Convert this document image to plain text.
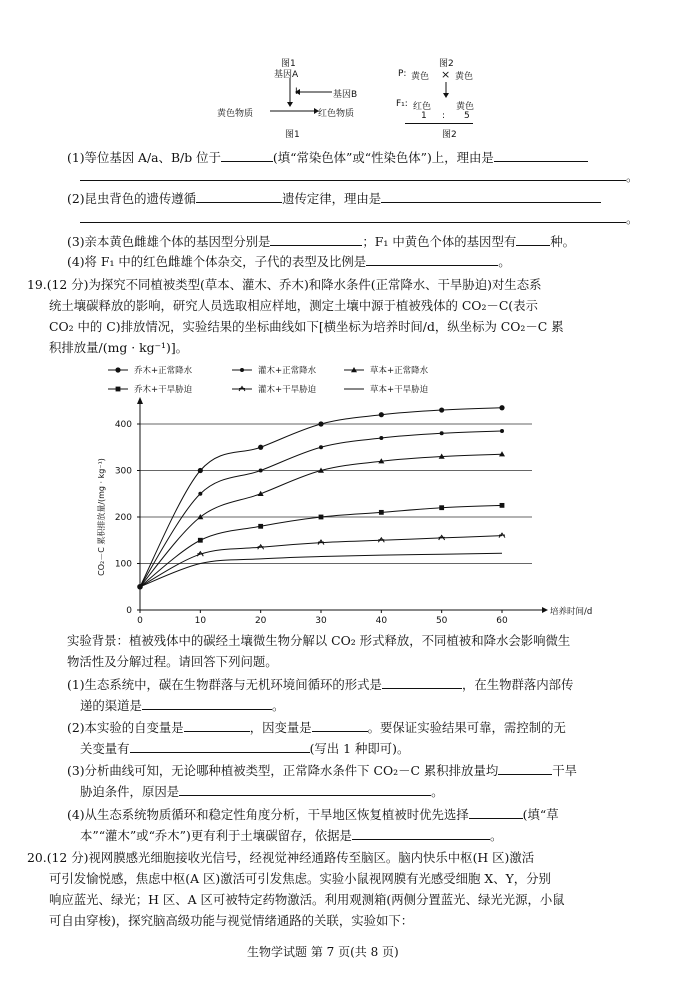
图1
基因A
基因B
黄色物质	红色物质
图1
图2
P: 黄色 × 黄色
F₁: 红色	黄色
1 : 5
图2
(1)等位基因 A/a、B/b 位于	(填“常染色体”或“性染色体”)上，理由是
。
(2)昆虫背色的遗传遵循	遗传定律，理由是
。
(3)亲本黄色雌雄个体的基因型分别是	；F₁ 中黄色个体的基因型有	种。
(4)将 F₁ 中的红色雌雄个体杂交，子代的表型及比例是	。
19.(12 分)为探究不同植被类型(草本、灌木、乔木)和降水条件(正常降水、干旱胁迫)对生态系
统土壤碳释放的影响，研究人员选取相应样地，测定土壤中源于植被残体的 CO₂－C(表示
CO₂ 中的 C)排放情况，实验结果的坐标曲线如下[横坐标为培养时间/d，纵坐标为 CO₂－C 累
积排放量/(mg · kg⁻¹)]。
0
100
200
300
400
0	10	20	30	40	50	60
培养时间/d
CO₂－C 累积排放量/(mg · kg⁻¹)
乔木+正常降水	灌木+正常降水	草本+正常降水
乔木+干旱胁迫	灌木+干旱胁迫	草本+干旱胁迫
实验背景：植被残体中的碳经土壤微生物分解以 CO₂ 形式释放，不同植被和降水会影响微生
物活性及分解过程。请回答下列问题。
(1)生态系统中，碳在生物群落与无机环境间循环的形式是	，在生物群落内部传
递的渠道是	。
(2)本实验的自变量是	，因变量是	。要保证实验结果可靠，需控制的无
关变量有	(写出 1 种即可)。
(3)分析曲线可知，无论哪种植被类型，正常降水条件下 CO₂－C 累积排放量均	干旱
胁迫条件，原因是	。
(4)从生态系统物质循环和稳定性角度分析，干旱地区恢复植被时优先选择	(填“草
本”“灌木”或“乔木”)更有利于土壤碳留存，依据是	。
20.(12 分)视网膜感光细胞接收光信号，经视觉神经通路传至脑区。脑内快乐中枢(H 区)激活
可引发愉悦感，焦虑中枢(A 区)激活可引发焦虑。实验小鼠视网膜有光感受细胞 X、Y，分别
响应蓝光、绿光；H 区、A 区可被特定药物激活。利用观测箱(两侧分置蓝光、绿光光源，小鼠
可自由穿梭)，探究脑高级功能与视觉情绪通路的关联，实验如下：
生物学试题 第 7 页(共 8 页)
